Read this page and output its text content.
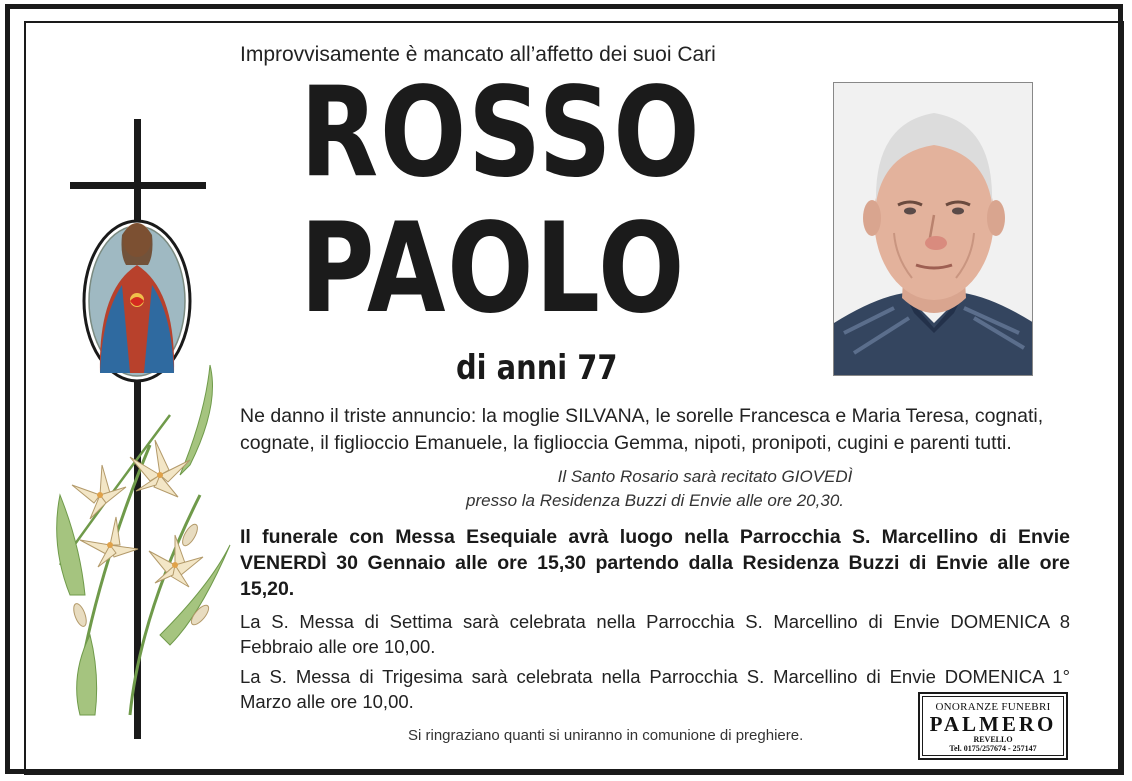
Improvvisamente è mancato all’affetto dei suoi Cari
ROSSO
PAOLO
di anni 77
Ne danno il triste annuncio: la moglie SILVANA, le sorelle Francesca e Maria Teresa, cognati, cognate, il figlioccio Emanuele, la figlioccia Gemma, nipoti, pronipoti, cugini e parenti tutti.
Il Santo Rosario sarà recitato GIOVEDÌ
presso la Residenza Buzzi di Envie alle ore 20,30.
Il funerale con Messa Esequiale avrà luogo nella Parrocchia S. Marcellino di Envie VENERDÌ 30 Gennaio alle ore 15,30 partendo dalla Residenza Buzzi di Envie alle ore 15,20.
La S. Messa di Settima sarà celebrata nella Parrocchia S. Marcellino di Envie DOMENICA 8 Febbraio alle ore 10,00.
La S. Messa di Trigesima sarà celebrata nella Parrocchia S. Marcellino di Envie DOMENICA 1° Marzo alle ore 10,00.
Si ringraziano quanti si uniranno in comunione di preghiere.
ONORANZE FUNEBRI
PALMERO
REVELLO
Tel. 0175/257674 - 257147
